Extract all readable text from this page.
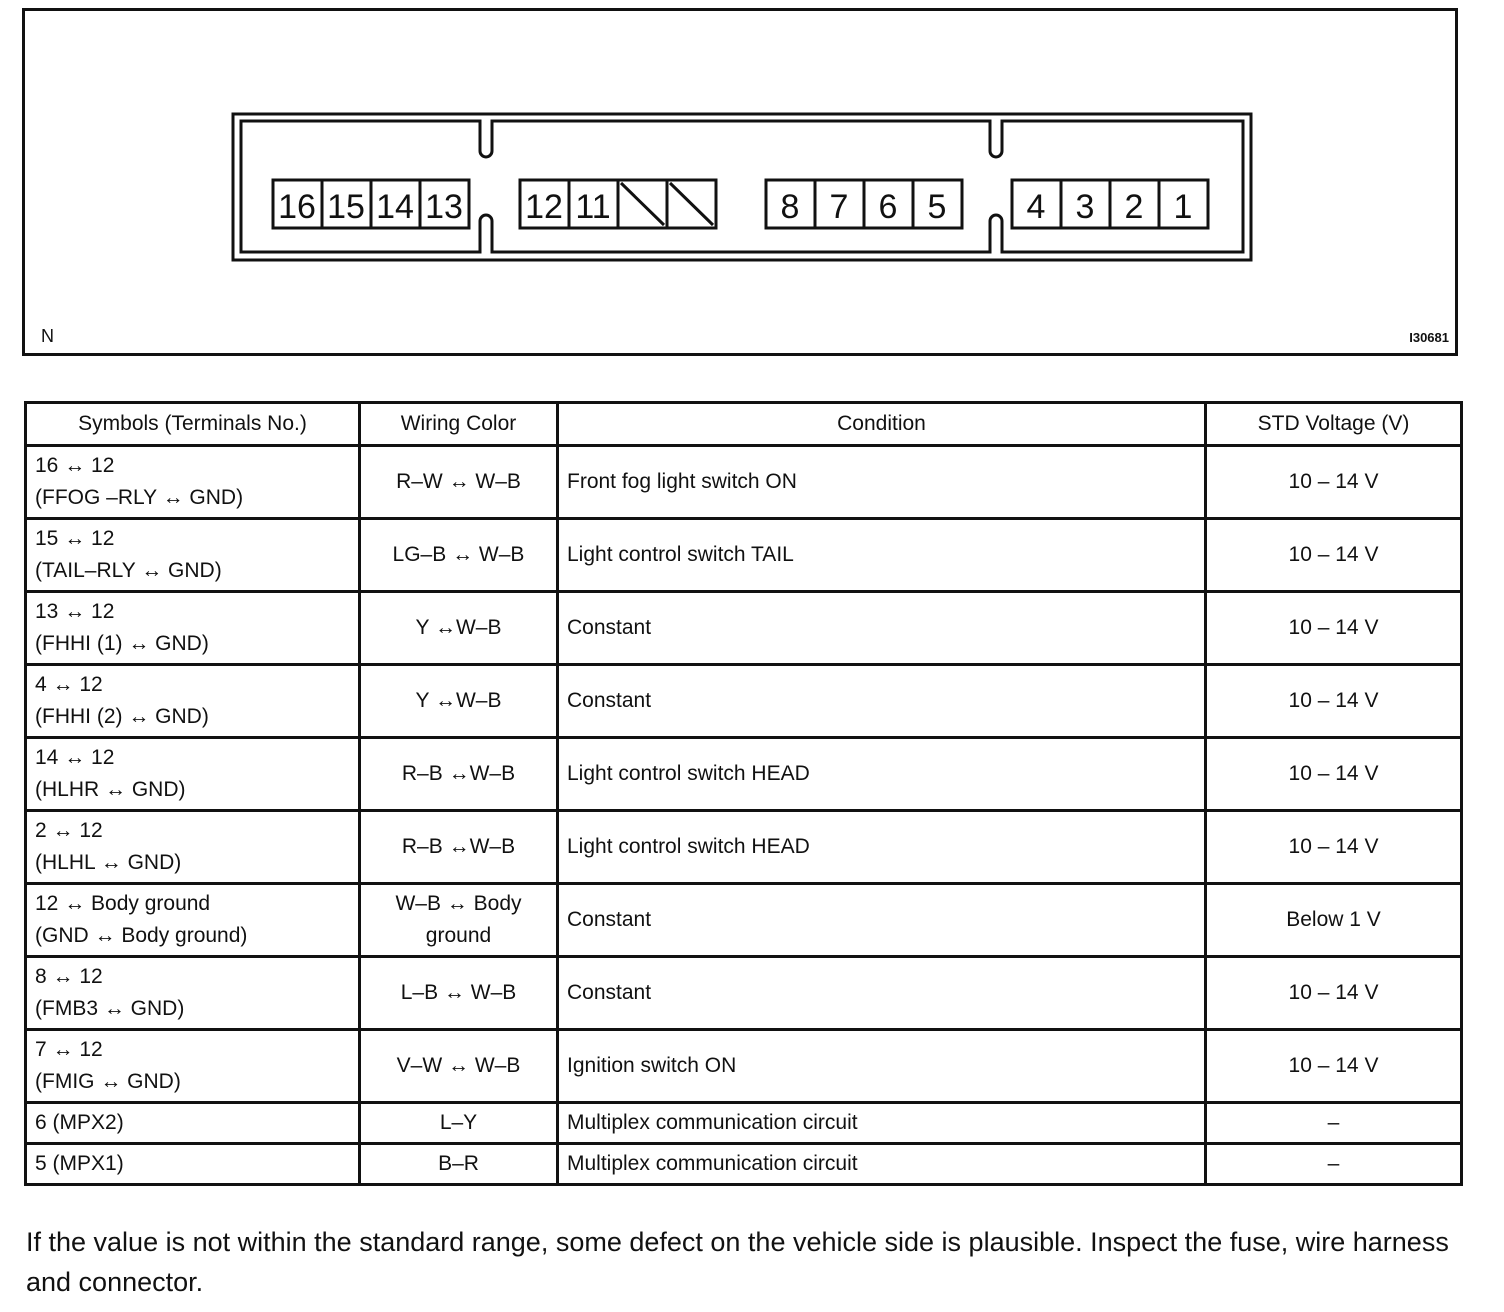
16 15 14 13 12 11	8 7 6 5 4 3 2 1
N	I30681
Symbols (Terminals No.)	Wiring Color	Condition	STD Voltage (V)

16 ↔ 12
(FFOG –RLY ↔ GND)	R–W ↔ W–B	Front fog light switch ON	10 – 14 V

15 ↔ 12
(TAIL–RLY ↔ GND)	LG–B ↔ W–B	Light control switch TAIL	10 – 14 V

13 ↔ 12
(FHHI (1) ↔ GND)	Y ↔W–B	Constant	10 – 14 V

4 ↔ 12
(FHHI (2) ↔ GND)	Y ↔W–B	Constant	10 – 14 V

14 ↔ 12
(HLHR ↔ GND)	R–B ↔W–B	Light control switch HEAD	10 – 14 V

2 ↔ 12
(HLHL ↔ GND)	R–B ↔W–B	Light control switch HEAD	10 – 14 V

12 ↔ Body ground
(GND ↔ Body ground)	W–B ↔ Body
ground	Constant	Below 1 V

8 ↔ 12
(FMB3 ↔ GND)	L–B ↔ W–B	Constant	10 – 14 V

7 ↔ 12
(FMIG ↔ GND)	V–W ↔ W–B	Ignition switch ON	10 – 14 V
6 (MPX2)	L–Y	Multiplex communication circuit	–
5 (MPX1)	B–R	Multiplex communication circuit	–
If the value is not within the standard range, some defect on the vehicle side is plausible. Inspect the fuse, wire harness and connector.
